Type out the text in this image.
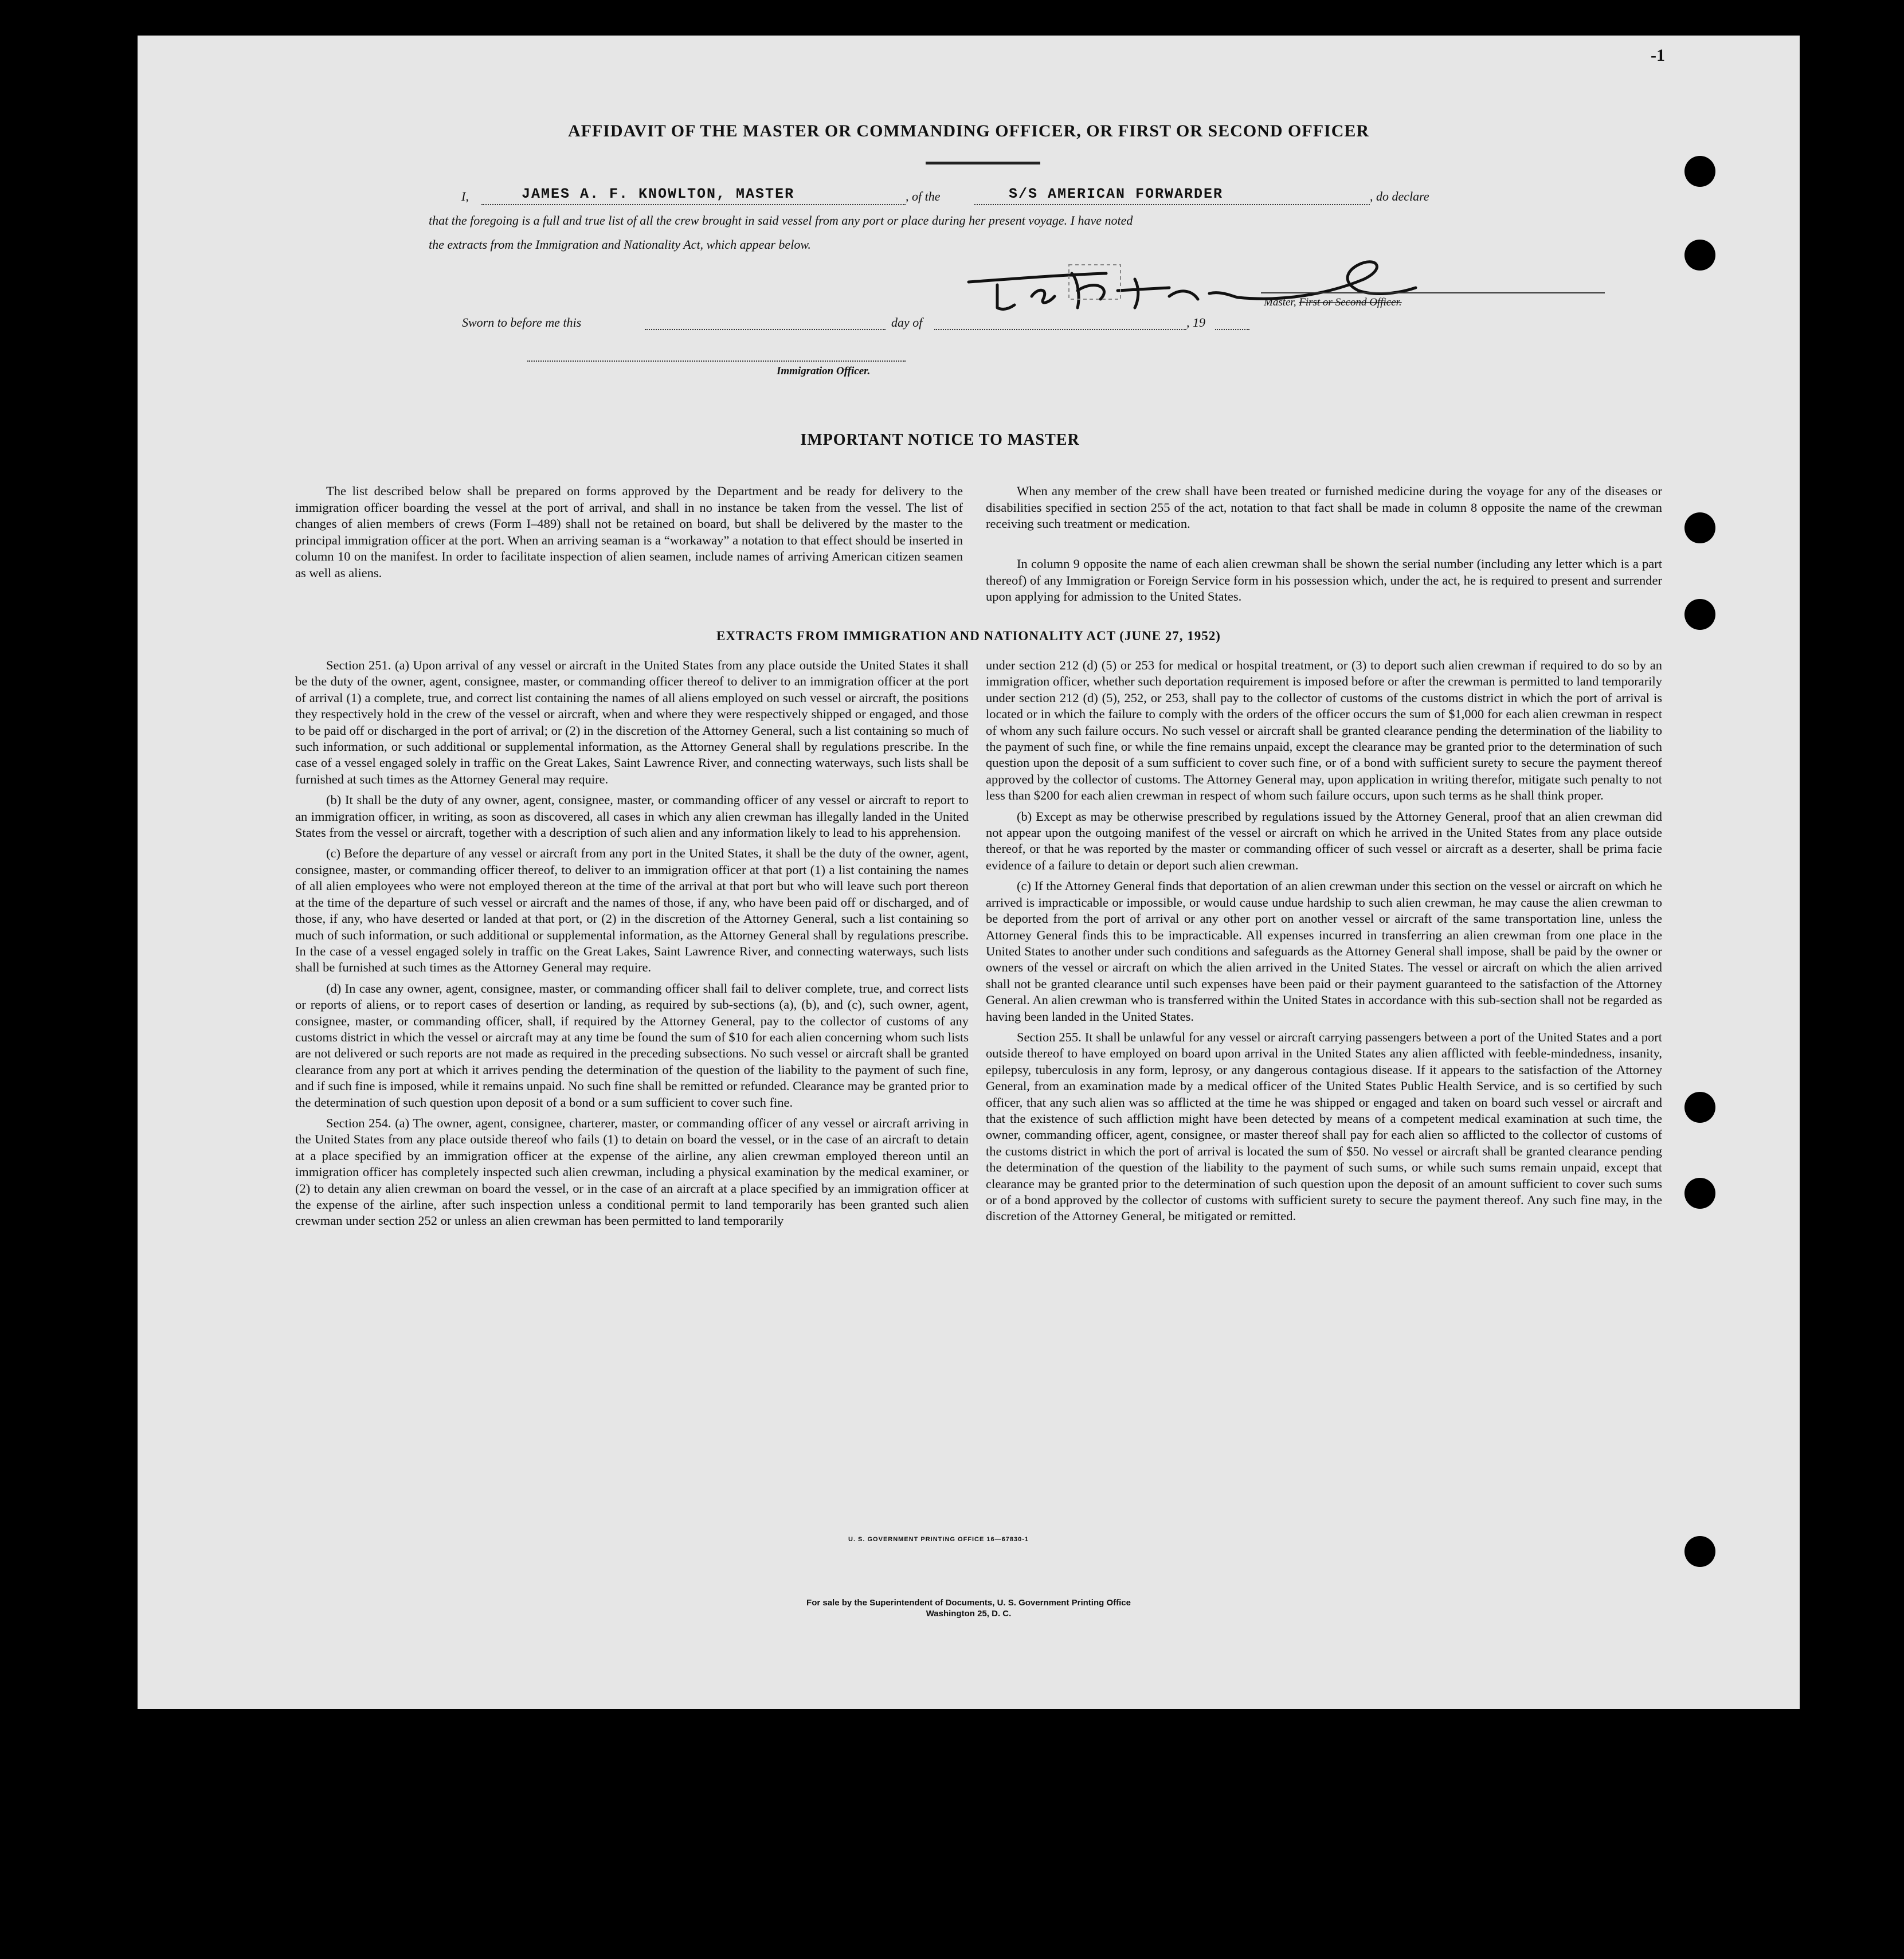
-1
AFFIDAVIT OF THE MASTER OR COMMANDING OFFICER, OR FIRST OR SECOND OFFICER
I,	JAMES A. F. KNOWLTON, MASTER	, of the	S/S AMERICAN FORWARDER	, do declare
that the foregoing is a full and true list of all the crew brought in said vessel from any port or place during her present voyage. I have noted
the extracts from the Immigration and Nationality Act, which appear below.
Master, First or Second Officer.
Sworn to before me this	day of	, 19
Immigration Officer.
IMPORTANT NOTICE TO MASTER

The list described below shall be prepared on forms approved by the Department and be ready for delivery to the immigration officer boarding the vessel at the port of arrival, and shall in no instance be taken from the vessel. The list of changes of alien members of crews (Form I–489) shall not be retained on board, but shall be delivered by the master to the principal immigration officer at the port. When an arriving seaman is a “workaway” a notation to that effect should be inserted in column 10 on the manifest. In order to facilitate inspection of alien seamen, include names of arriving American citizen seamen as well as aliens.

When any member of the crew shall have been treated or furnished medicine during the voyage for any of the diseases or disabilities specified in section 255 of the act, notation to that fact shall be made in column 8 opposite the name of the crewman receiving such treatment or medication.

In column 9 opposite the name of each alien crewman shall be shown the serial number (including any letter which is a part thereof) of any Immigration or Foreign Service form in his possession which, under the act, he is required to present and surrender upon applying for admission to the United States.

EXTRACTS FROM IMMIGRATION AND NATIONALITY ACT (JUNE 27, 1952)

Section 251. (a) Upon arrival of any vessel or aircraft in the United States from any place outside the United States it shall be the duty of the owner, agent, consignee, master, or commanding officer thereof to deliver to an immigration officer at the port of arrival (1) a complete, true, and correct list containing the names of all aliens employed on such vessel or aircraft, the positions they respectively hold in the crew of the vessel or aircraft, when and where they were respectively shipped or engaged, and those to be paid off or discharged in the port of arrival; or (2) in the discretion of the Attorney General, such a list containing so much of such information, or such additional or supplemental information, as the Attorney General shall by regulations prescribe. In the case of a vessel engaged solely in traffic on the Great Lakes, Saint Lawrence River, and connecting waterways, such lists shall be furnished at such times as the Attorney General may require.

(b) It shall be the duty of any owner, agent, consignee, master, or commanding officer of any vessel or aircraft to report to an immigration officer, in writing, as soon as discovered, all cases in which any alien crewman has illegally landed in the United States from the vessel or aircraft, together with a description of such alien and any information likely to lead to his apprehension.

(c) Before the departure of any vessel or aircraft from any port in the United States, it shall be the duty of the owner, agent, consignee, master, or commanding officer thereof, to deliver to an immigration officer at that port (1) a list containing the names of all alien employees who were not employed thereon at the time of the arrival at that port but who will leave such port thereon at the time of the departure of such vessel or aircraft and the names of those, if any, who have been paid off or discharged, and of those, if any, who have deserted or landed at that port, or (2) in the discretion of the Attorney General, such a list containing so much of such information, or such additional or supplemental information, as the Attorney General shall by regulations prescribe. In the case of a vessel engaged solely in traffic on the Great Lakes, Saint Lawrence River, and connecting waterways, such lists shall be furnished at such times as the Attorney General may require.

(d) In case any owner, agent, consignee, master, or commanding officer shall fail to deliver complete, true, and correct lists or reports of aliens, or to report cases of desertion or landing, as required by sub-sections (a), (b), and (c), such owner, agent, consignee, master, or commanding officer, shall, if required by the Attorney General, pay to the collector of customs of any customs district in which the vessel or aircraft may at any time be found the sum of $10 for each alien concerning whom such lists are not delivered or such reports are not made as required in the preceding subsections. No such vessel or aircraft shall be granted clearance from any port at which it arrives pending the determination of the question of the liability to the payment of such fine, and if such fine is imposed, while it remains unpaid. No such fine shall be remitted or refunded. Clearance may be granted prior to the determination of such question upon deposit of a bond or a sum sufficient to cover such fine.

Section 254. (a) The owner, agent, consignee, charterer, master, or commanding officer of any vessel or aircraft arriving in the United States from any place outside thereof who fails (1) to detain on board the vessel, or in the case of an aircraft to detain at a place specified by an immigration officer at the expense of the airline, any alien crewman employed thereon until an immigration officer has completely inspected such alien crewman, including a physical examination by the medical examiner, or (2) to detain any alien crewman on board the vessel, or in the case of an aircraft at a place specified by an immigration officer at the expense of the airline, after such inspection unless a conditional permit to land temporarily has been granted such alien crewman under section 252 or unless an alien crewman has been permitted to land temporarily

under section 212 (d) (5) or 253 for medical or hospital treatment, or (3) to deport such alien crewman if required to do so by an immigration officer, whether such deportation requirement is imposed before or after the crewman is permitted to land temporarily under section 212 (d) (5), 252, or 253, shall pay to the collector of customs of the customs district in which the port of arrival is located or in which the failure to comply with the orders of the officer occurs the sum of $1,000 for each alien crewman in respect of whom any such failure occurs. No such vessel or aircraft shall be granted clearance pending the determination of the liability to the payment of such fine, or while the fine remains unpaid, except the clearance may be granted prior to the determination of such question upon the deposit of a sum sufficient to cover such fine, or of a bond with sufficient surety to secure the payment thereof approved by the collector of customs. The Attorney General may, upon application in writing therefor, mitigate such penalty to not less than $200 for each alien crewman in respect of whom such failure occurs, upon such terms as he shall think proper.

(b) Except as may be otherwise prescribed by regulations issued by the Attorney General, proof that an alien crewman did not appear upon the outgoing manifest of the vessel or aircraft on which he arrived in the United States from any place outside thereof, or that he was reported by the master or commanding officer of such vessel or aircraft as a deserter, shall be prima facie evidence of a failure to detain or deport such alien crewman.

(c) If the Attorney General finds that deportation of an alien crewman under this section on the vessel or aircraft on which he arrived is impracticable or impossible, or would cause undue hardship to such alien crewman, he may cause the alien crewman to be deported from the port of arrival or any other port on another vessel or aircraft of the same transportation line, unless the Attorney General finds this to be impracticable. All expenses incurred in transferring an alien crewman from one place in the United States to another under such conditions and safeguards as the Attorney General shall impose, shall be paid by the owner or owners of the vessel or aircraft on which the alien arrived in the United States. The vessel or aircraft on which the alien arrived shall not be granted clearance until such expenses have been paid or their payment guaranteed to the satisfaction of the Attorney General. An alien crewman who is transferred within the United States in accordance with this sub-section shall not be regarded as having been landed in the United States.

Section 255. It shall be unlawful for any vessel or aircraft carrying passengers between a port of the United States and a port outside thereof to have employed on board upon arrival in the United States any alien afflicted with feeble-mindedness, insanity, epilepsy, tuberculosis in any form, leprosy, or any dangerous contagious disease. If it appears to the satisfaction of the Attorney General, from an examination made by a medical officer of the United States Public Health Service, and is so certified by such officer, that any such alien was so afflicted at the time he was shipped or engaged and taken on board such vessel or aircraft and that the existence of such affliction might have been detected by means of a competent medical examination at such time, the owner, commanding officer, agent, consignee, or master thereof shall pay for each alien so afflicted to the collector of customs of the customs district in which the port of arrival is located the sum of $50. No vessel or aircraft shall be granted clearance pending the determination of the question of the liability to the payment of such sums, or while such sums remain unpaid, except that clearance may be granted prior to the determination of such question upon the deposit of an amount sufficient to cover such sums or of a bond approved by the collector of customs with sufficient surety to secure the payment thereof. Any such fine may, in the discretion of the Attorney General, be mitigated or remitted.

U. S. GOVERNMENT PRINTING OFFICE 16—67830-1
For sale by the Superintendent of Documents, U. S. Government Printing Office
Washington 25, D. C.
